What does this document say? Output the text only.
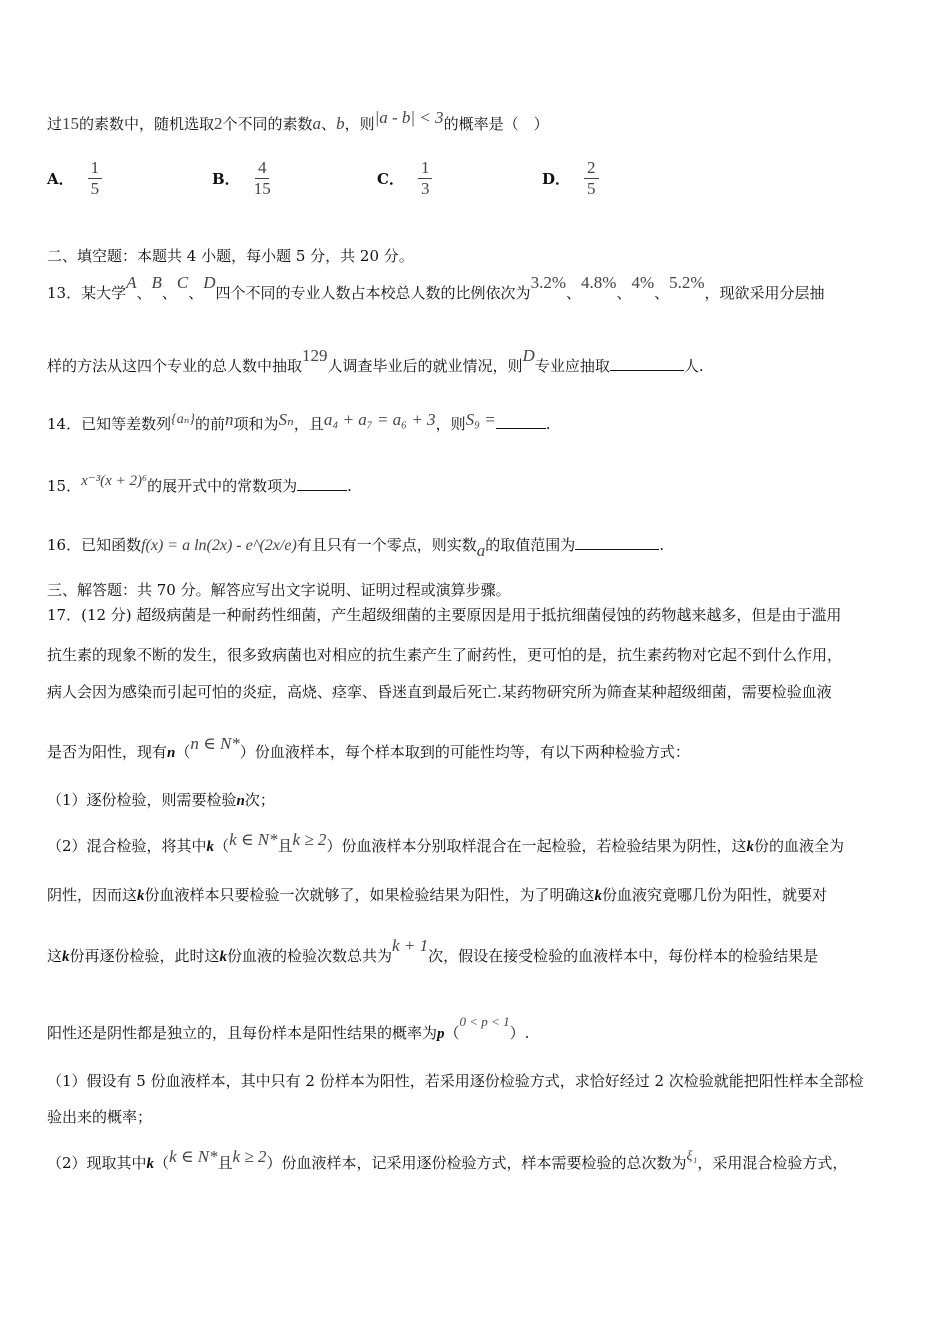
过15的素数中，随机选取2个不同的素数a、b，则|a - b| < 3的概率是（　）
A． $\frac{1}{5}$	B． $\frac{4}{15}$	C． $\frac{1}{3}$	D． $\frac{2}{5}$
二、填空题：本题共 4 小题，每小题 5 分，共 20 分。
13．某大学A、B、C、D四个不同的专业人数占本校总人数的比例依次为3.2%、4.8%、4%、5.2%，现欲采用分层抽
样的方法从这四个专业的总人数中抽取129人调查毕业后的就业情况，则D专业应抽取	人.
14．已知等差数列{aₙ}的前n项和为Sₙ，且a₄ + a₇ = a₆ + 3，则S₉ =	.
15．x⁻³(x + 2)⁶的展开式中的常数项为	.
16．已知函数f(x) = a ln(2x) - e^(2x/e)有且只有一个零点，则实数a的取值范围为	.
三、解答题：共 70 分。解答应写出文字说明、证明过程或演算步骤。
17．(12 分) 超级病菌是一种耐药性细菌，产生超级细菌的主要原因是用于抵抗细菌侵蚀的药物越来越多，但是由于滥用
抗生素的现象不断的发生，很多致病菌也对相应的抗生素产生了耐药性，更可怕的是，抗生素药物对它起不到什么作用，
病人会因为感染而引起可怕的炎症，高烧、痉挛、昏迷直到最后死亡.某药物研究所为筛查某种超级细菌，需要检验血液
是否为阳性，现有n（n ∈ N*）份血液样本，每个样本取到的可能性均等，有以下两种检验方式：
（1）逐份检验，则需要检验n次；
（2）混合检验，将其中k（k ∈ N*且k ≥ 2）份血液样本分别取样混合在一起检验，若检验结果为阴性，这k份的血液全为
阴性，因而这k份血液样本只要检验一次就够了，如果检验结果为阳性，为了明确这k份血液究竟哪几份为阳性，就要对
这k份再逐份检验，此时这k份血液的检验次数总共为k + 1次，假设在接受检验的血液样本中，每份样本的检验结果是
阳性还是阴性都是独立的，且每份样本是阳性结果的概率为p（0 < p < 1）.
（1）假设有 5 份血液样本，其中只有 2 份样本为阳性，若采用逐份检验方式，求恰好经过 2 次检验就能把阳性样本全部检
验出来的概率；
（2）现取其中k（k ∈ N*且k ≥ 2）份血液样本，记采用逐份检验方式，样本需要检验的总次数为ξ₁，采用混合检验方式，
